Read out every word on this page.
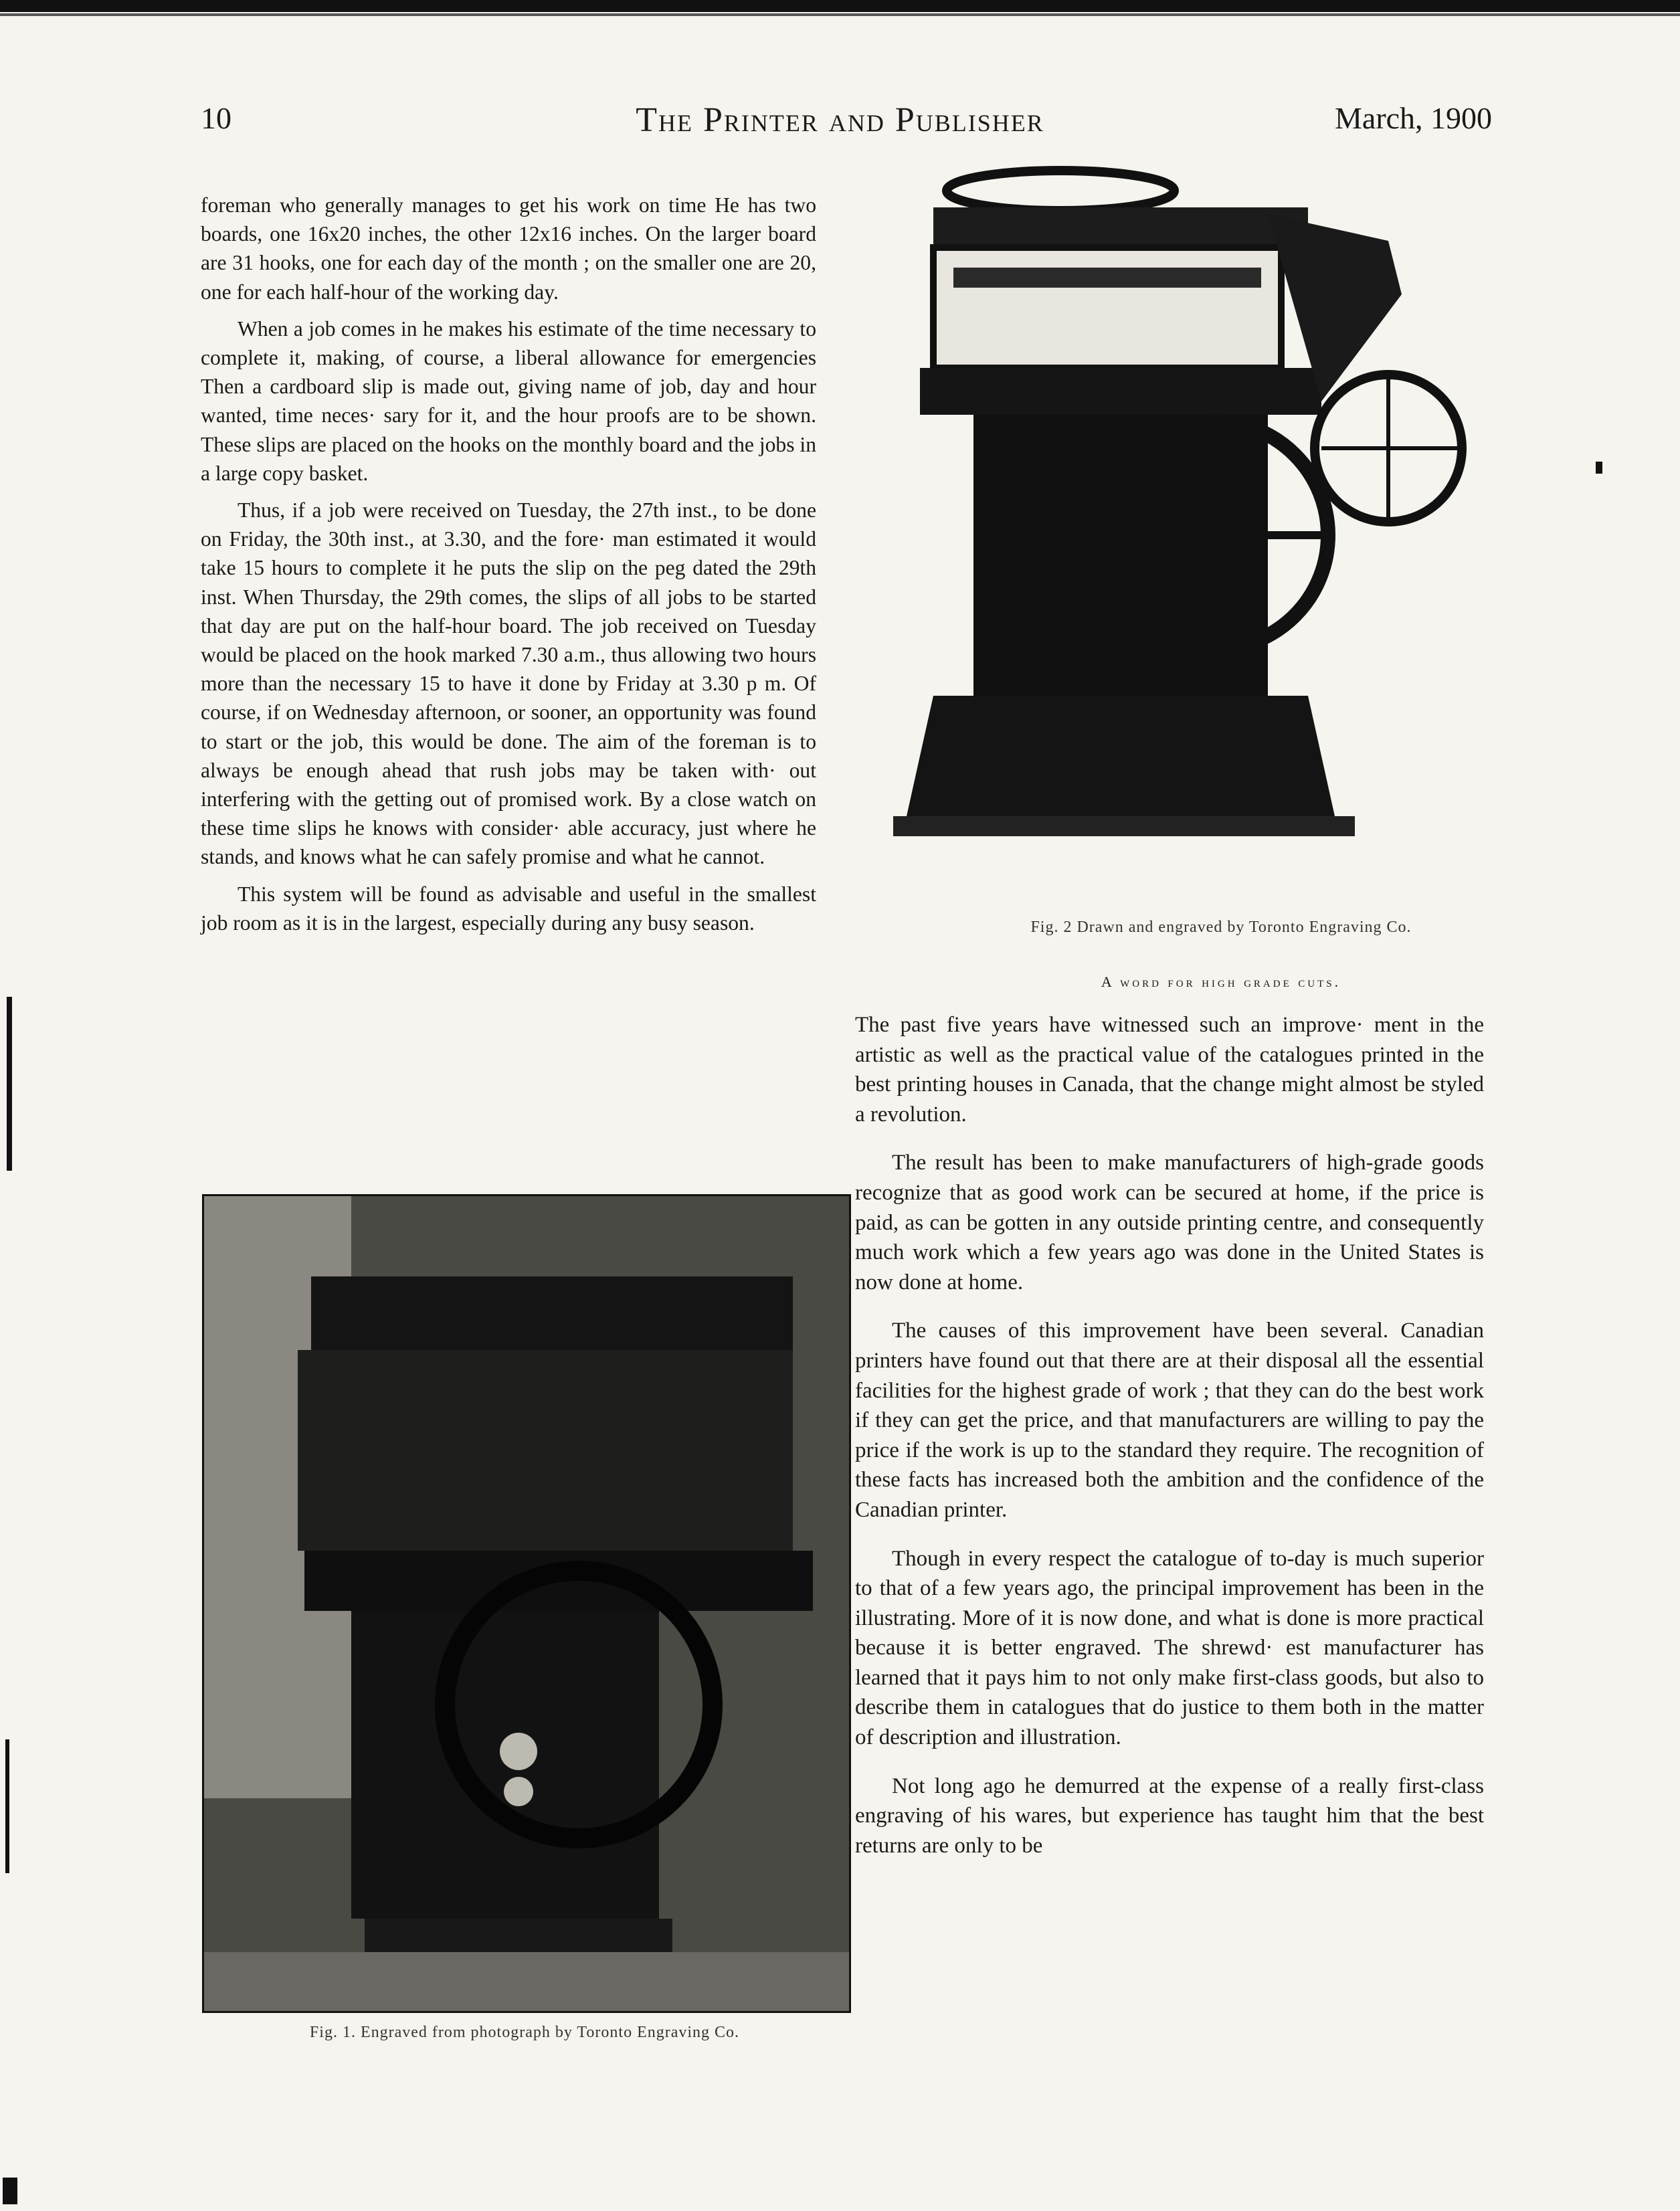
10	The Printer and Publisher	March, 1900

foreman who generally manages to get his work on time He has two boards, one 16x20 inches, the other 12x16 inches. On the larger board are 31 hooks, one for each day of the month ; on the smaller one are 20, one for each half-hour of the working day.

When a job comes in he makes his estimate of the time necessary to complete it, making, of course, a liberal allowance for emergencies Then a cardboard slip is made out, giving name of job, day and hour wanted, time neces· sary for it, and the hour proofs are to be shown. These slips are placed on the hooks on the monthly board and the jobs in a large copy basket.

Thus, if a job were received on Tuesday, the 27th inst., to be done on Friday, the 30th inst., at 3.30, and the fore· man estimated it would take 15 hours to complete it he puts the slip on the peg dated the 29th inst. When Thursday, the 29th comes, the slips of all jobs to be started that day are put on the half-hour board. The job received on Tuesday would be placed on the hook marked 7.30 a.m., thus allowing two hours more than the necessary 15 to have it done by Friday at 3.30 p m. Of course, if on Wednesday afternoon, or sooner, an opportunity was found to start or the job, this would be done. The aim of the foreman is to always be enough ahead that rush jobs may be taken with· out interfering with the getting out of promised work. By a close watch on these time slips he knows with consider· able accuracy, just where he stands, and knows what he can safely promise and what he cannot.

This system will be found as advisable and useful in the smallest job room as it is in the largest, especially during any busy season.	Fig. 2 Drawn and engraved by Toronto Engraving Co.
A word for high grade cuts.

The past five years have witnessed such an improve· ment in the artistic as well as the practical value of the catalogues printed in the best printing houses in Canada, that the change might almost be styled a revolution.

The result has been to make manufacturers of high-grade goods recognize that as good work can be secured at home, if the price is paid, as can be gotten in any outside printing centre, and consequently much work which a few years ago was done in the United States is now done at home.

The causes of this improvement have been several. Canadian printers have found out that there are at their disposal all the essential facilities for the highest grade of work ; that they can do the best work if they can get the price, and that manufacturers are willing to pay the price if the work is up to the standard they require. The recognition of these facts has increased both the ambition and the confidence of the Canadian printer.

Though in every respect the catalogue of to-day is much superior to that of a few years ago, the principal improvement has been in the illustrating. More of it is now done, and what is done is more practical because it is better engraved. The shrewd· est manufacturer has learned that it pays him to not only make first-class goods, but also to describe them in catalogues that do justice to them both in the matter of description and illustration.

Not long ago he demurred at the expense of a really first-class engraving of his wares, but experience has taught him that the best returns are only to be

Fig. 1. Engraved from photograph by Toronto Engraving Co.
